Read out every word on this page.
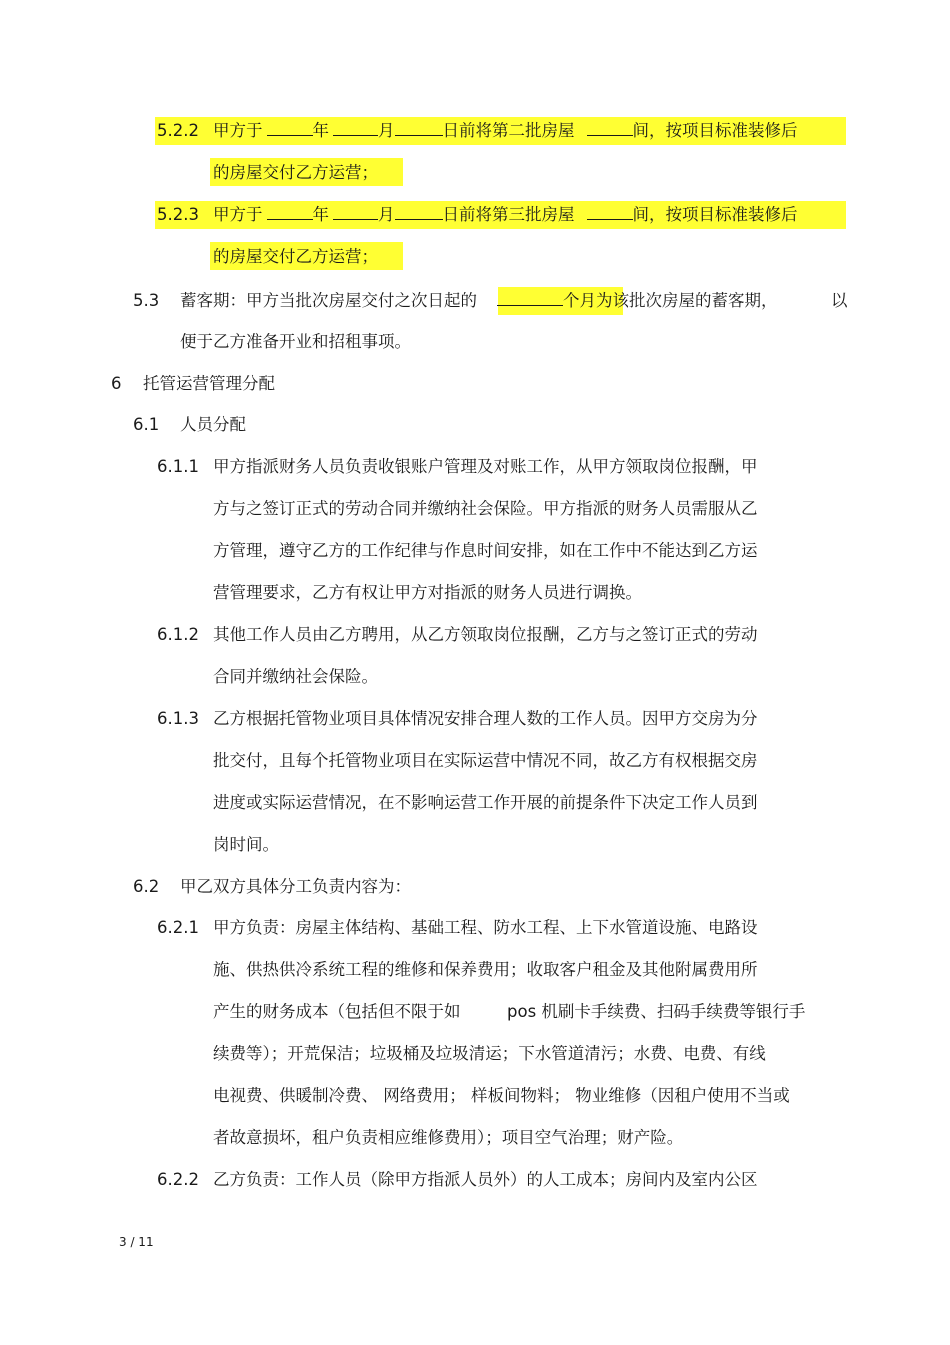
5.2.2 甲方于	年	月	日前将第二批房屋	间，按项目标准装修后
的房屋交付乙方运营；
5.2.3 甲方于	年	月	日前将第三批房屋	间，按项目标准装修后
的房屋交付乙方运营；
5.3 蓄客期：甲方当批次房屋交付之次日起的	个月为该批次房屋的蓄客期，	以
便于乙方准备开业和招租事项。
6 托管运营管理分配
6.1 人员分配
6.1.1 甲方指派财务人员负责收银账户管理及对账工作，从甲方领取岗位报酬，甲
方与之签订正式的劳动合同并缴纳社会保险。甲方指派的财务人员需服从乙
方管理，遵守乙方的工作纪律与作息时间安排，如在工作中不能达到乙方运
营管理要求，乙方有权让甲方对指派的财务人员进行调换。
6.1.2 其他工作人员由乙方聘用，从乙方领取岗位报酬，乙方与之签订正式的劳动
合同并缴纳社会保险。
6.1.3 乙方根据托管物业项目具体情况安排合理人数的工作人员。因甲方交房为分
批交付，且每个托管物业项目在实际运营中情况不同，故乙方有权根据交房
进度或实际运营情况，在不影响运营工作开展的前提条件下决定工作人员到
岗时间。
6.2 甲乙双方具体分工负责内容为：
6.2.1 甲方负责：房屋主体结构、基础工程、防水工程、上下水管道设施、电路设
施、供热供冷系统工程的维修和保养费用；收取客户租金及其他附属费用所
产生的财务成本（包括但不限于如	pos 机刷卡手续费、扫码手续费等银行手
续费等）；开荒保洁；垃圾桶及垃圾清运；下水管道清污；水费、电费、有线
电视费、供暖制冷费、 网络费用； 样板间物料； 物业维修（因租户使用不当或
者故意损坏，租户负责相应维修费用）；项目空气治理；财产险。
6.2.2 乙方负责：工作人员（除甲方指派人员外）的人工成本；房间内及室内公区
3 / 11
